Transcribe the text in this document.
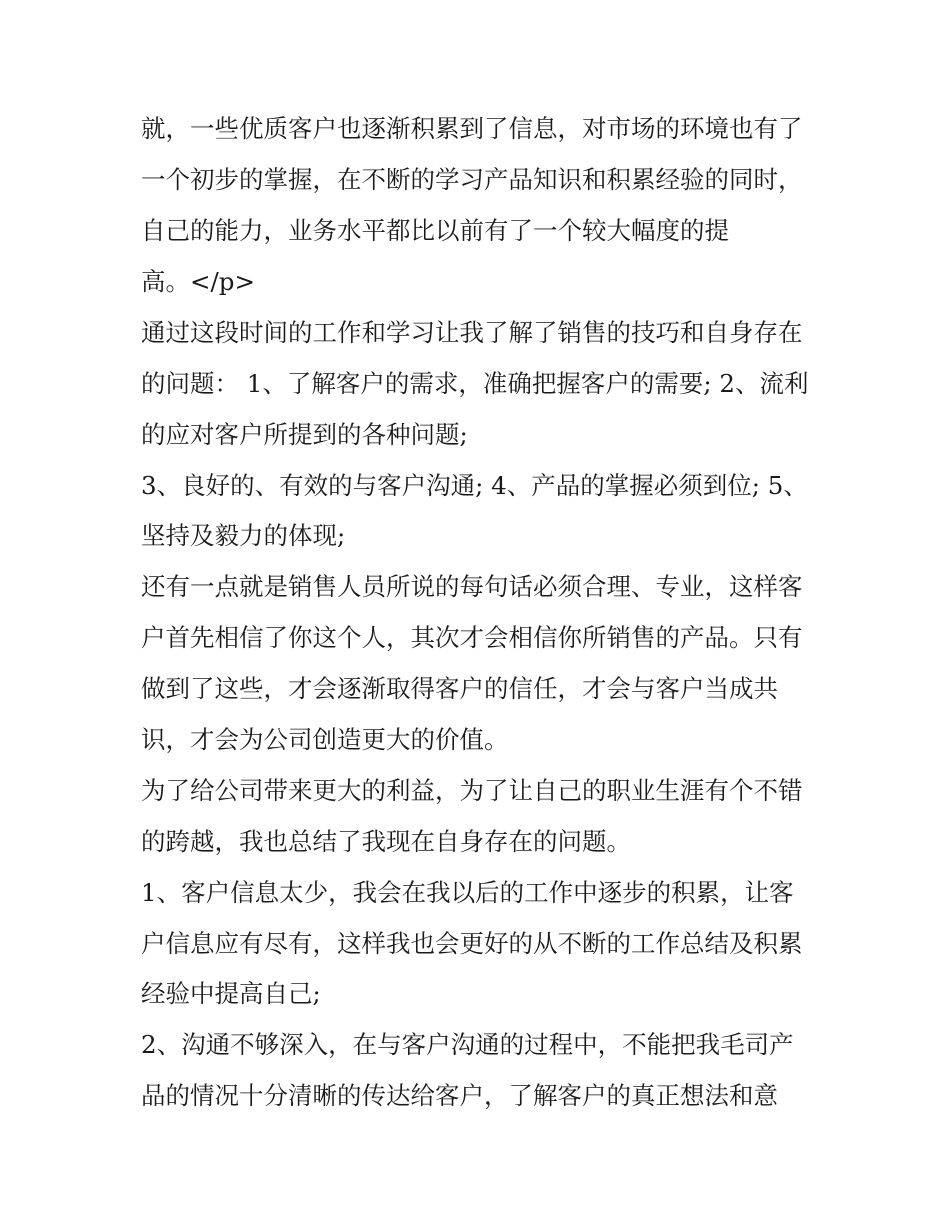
就，一些优质客户也逐渐积累到了信息，对市场的环境也有了
一个初步的掌握，在不断的学习产品知识和积累经验的同时，
自己的能力，业务水平都比以前有了一个较大幅度的提
高。</p>
通过这段时间的工作和学习让我了解了销售的技巧和自身存在
的问题： 1、了解客户的需求，准确把握客户的需要; 2、流利
的应对客户所提到的各种问题;
3、良好的、有效的与客户沟通; 4、产品的掌握必须到位; 5、
坚持及毅力的体现;
还有一点就是销售人员所说的每句话必须合理、专业，这样客
户首先相信了你这个人，其次才会相信你所销售的产品。只有
做到了这些，才会逐渐取得客户的信任，才会与客户当成共
识，才会为公司创造更大的价值。
为了给公司带来更大的利益，为了让自己的职业生涯有个不错
的跨越，我也总结了我现在自身存在的问题。
1、客户信息太少，我会在我以后的工作中逐步的积累，让客
户信息应有尽有，这样我也会更好的从不断的工作总结及积累
经验中提高自己;
2、沟通不够深入，在与客户沟通的过程中，不能把我毛司产
品的情况十分清晰的传达给客户，了解客户的真正想法和意
